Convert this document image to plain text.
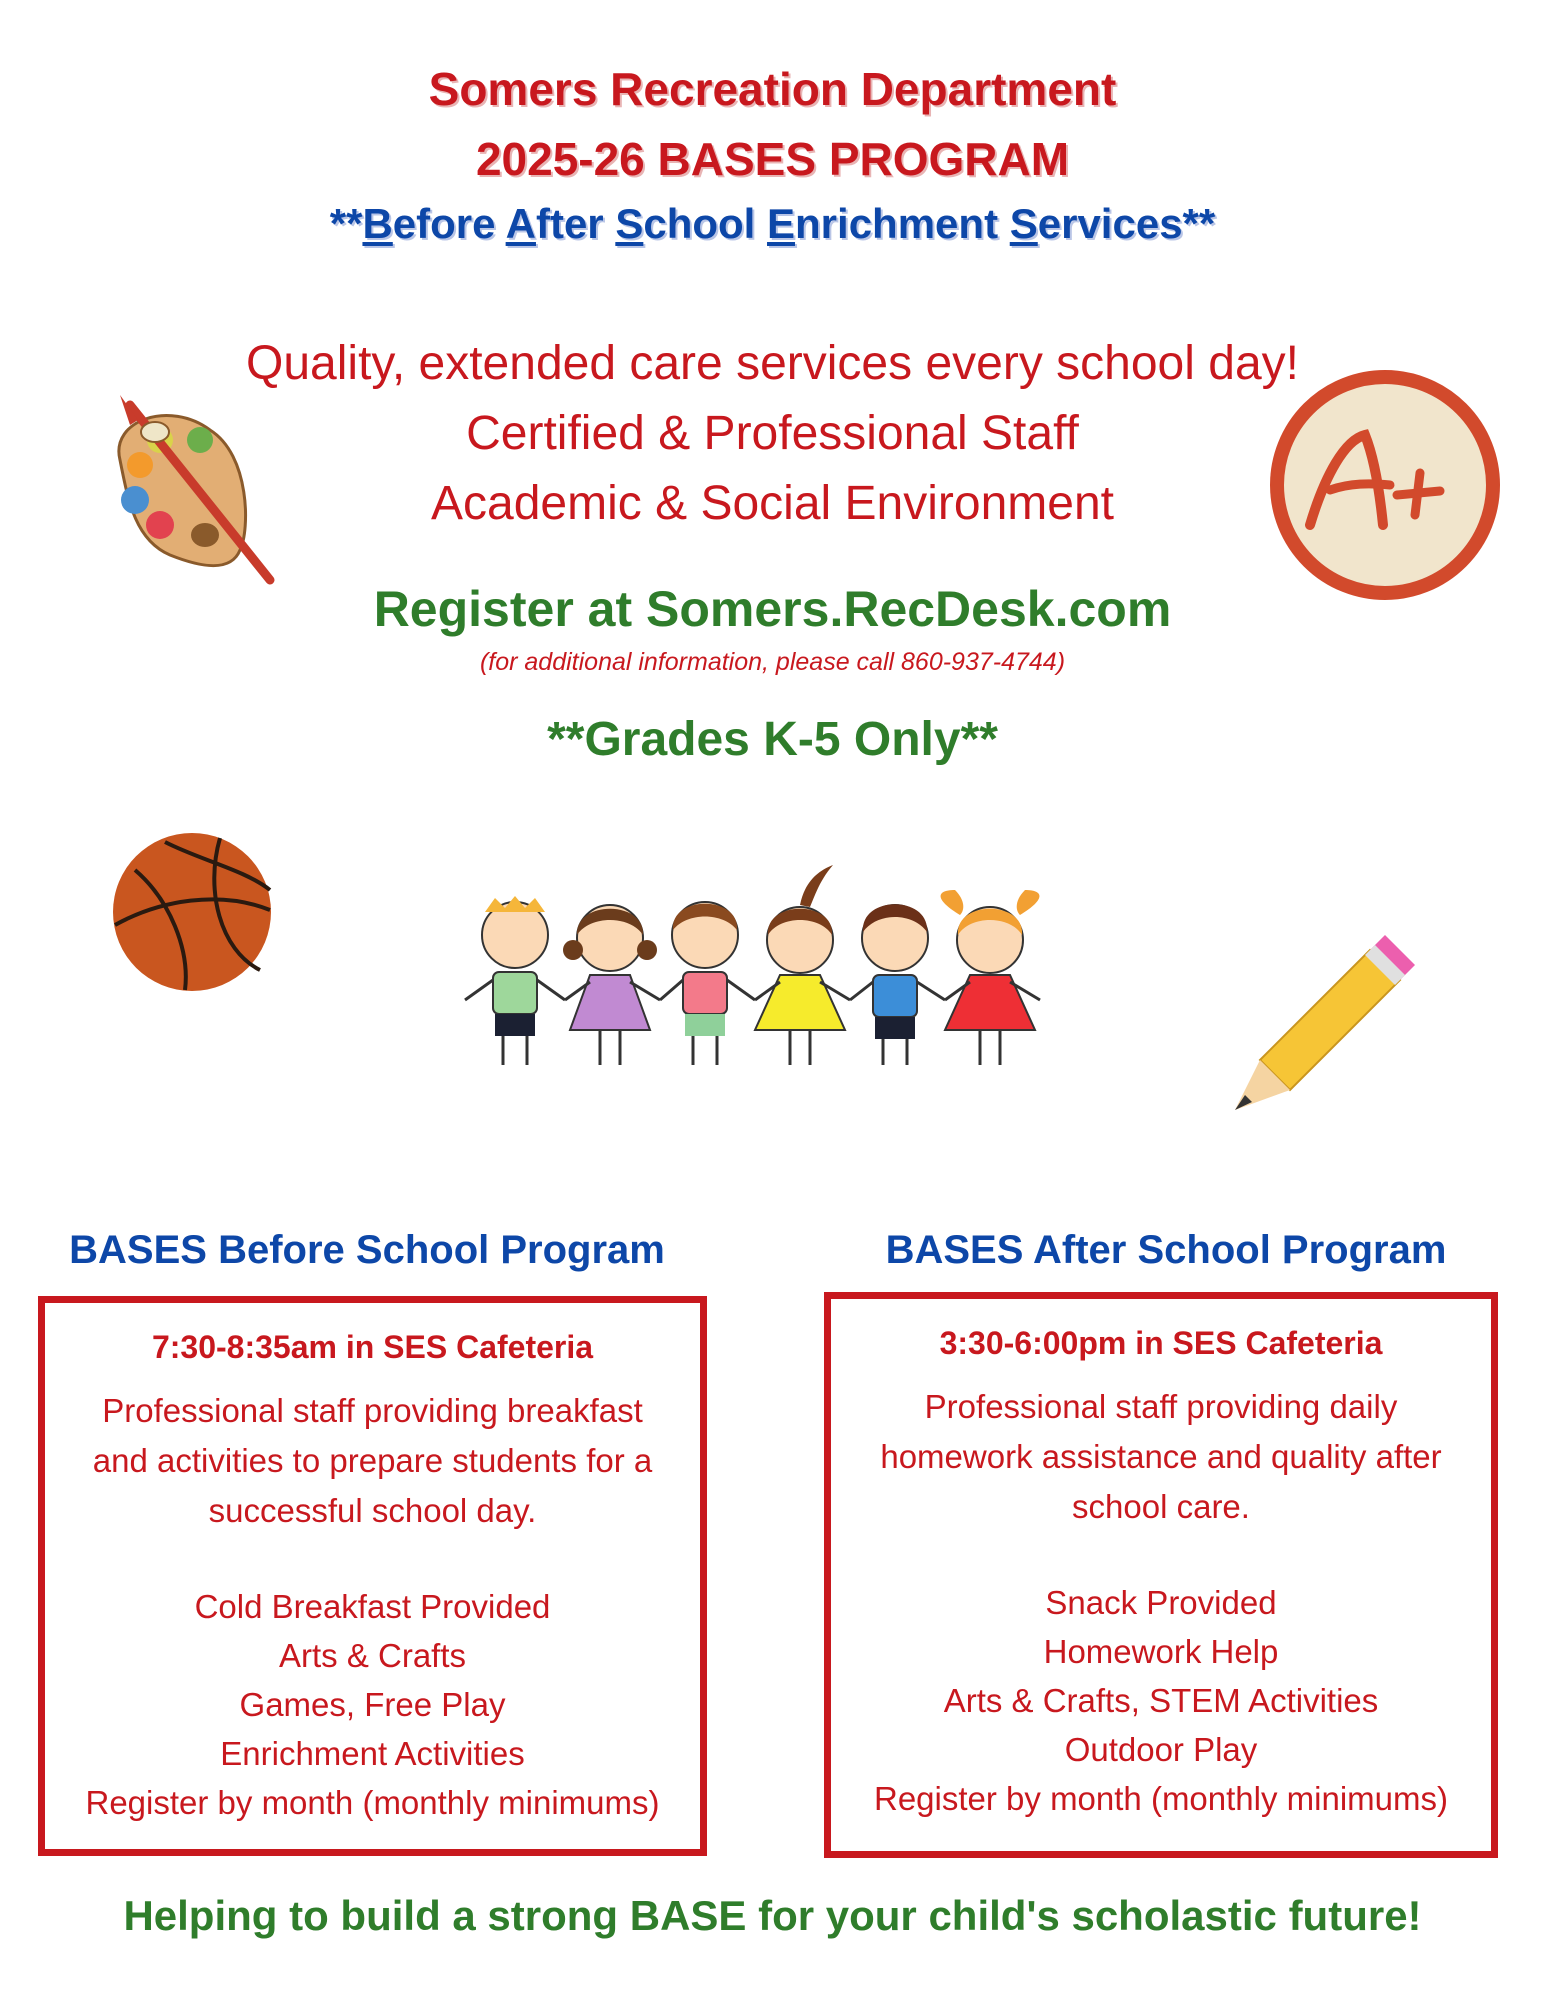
Somers Recreation Department
2025-26 BASES PROGRAM
**Before After School Enrichment Services**
Quality, extended care services every school day!
Certified & Professional Staff
Academic & Social Environment
Register at Somers.RecDesk.com
(for additional information, please call 860-937-4744)
**Grades K-5 Only**
BASES Before School Program	BASES After School Program
7:30-8:35am in SES Cafeteria
Professional staff providing breakfast
and activities to prepare students for a
successful school day.
Cold Breakfast Provided
Arts & Crafts
Games, Free Play
Enrichment Activities
Register by month (monthly minimums)
3:30-6:00pm in SES Cafeteria
Professional staff providing daily
homework assistance and quality after
school care.
Snack Provided
Homework Help
Arts & Crafts, STEM Activities
Outdoor Play
Register by month (monthly minimums)
Helping to build a strong BASE for your child's scholastic future!
